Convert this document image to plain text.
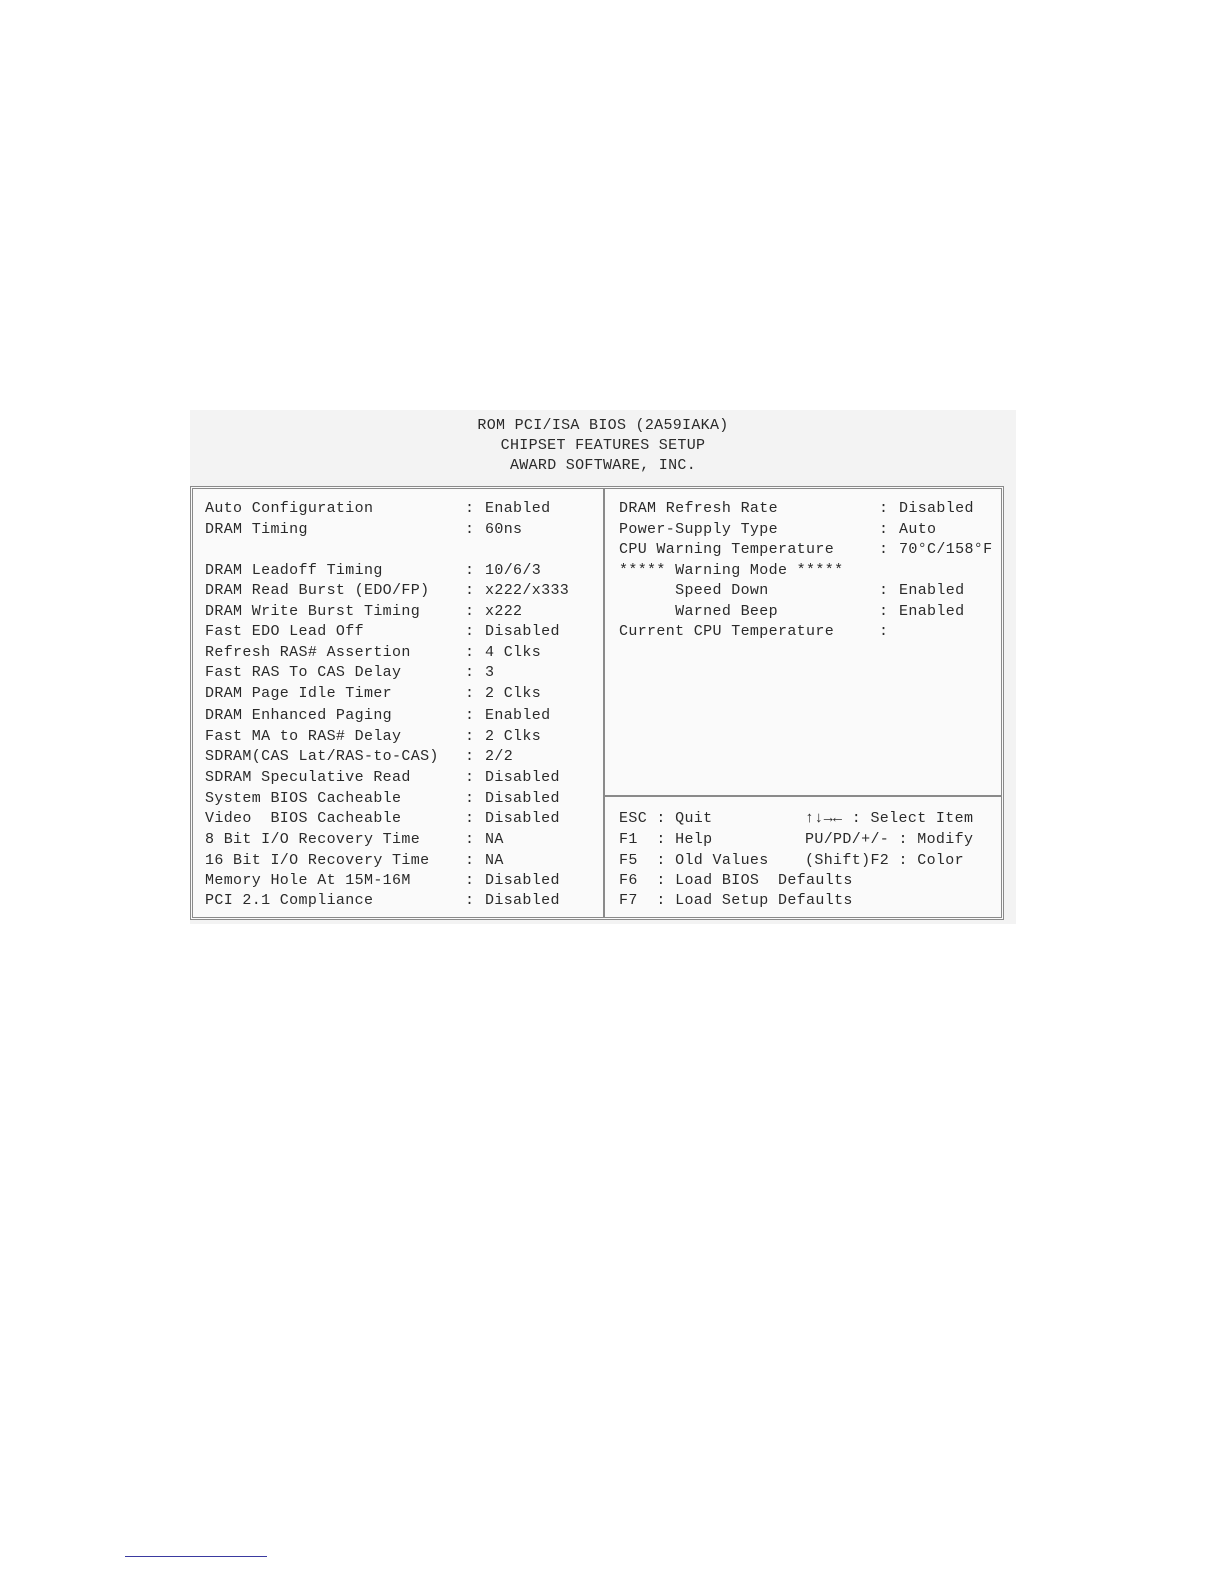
ROM PCI/ISA BIOS (2A59IAKA)
CHIPSET FEATURES SETUP
AWARD SOFTWARE, INC.
Auto Configuration	: Enabled
DRAM Timing	: 60ns
DRAM Leadoff Timing	: 10/6/3
DRAM Read Burst (EDO/FP) : x222/x333
DRAM Write Burst Timing	: x222
Fast EDO Lead Off	: Disabled
Refresh RAS# Assertion	: 4 Clks
Fast RAS To CAS Delay	: 3
DRAM Page Idle Timer	: 2 Clks
DRAM Enhanced Paging	: Enabled
Fast MA to RAS# Delay	: 2 Clks
SDRAM(CAS Lat/RAS-to-CAS) : 2/2
SDRAM Speculative Read	: Disabled
System BIOS Cacheable	: Disabled
Video  BIOS Cacheable	: Disabled
8 Bit I/O Recovery Time	: NA
16 Bit I/O Recovery Time : NA
Memory Hole At 15M-16M	: Disabled
PCI 2.1 Compliance	: Disabled
DRAM Refresh Rate	: Disabled
Power-Supply Type	: Auto
CPU Warning Temperature	: 70°C/158°F
***** Warning Mode *****
Speed Down	: Enabled
Warned Beep	: Enabled
Current CPU Temperature	:
ESC : Quit	↑↓→← : Select Item
F1  : Help	PU/PD/+/- : Modify
F5  : Old Values (Shift)F2 : Color
F6  : Load BIOS  Defaults
F7  : Load Setup Defaults
